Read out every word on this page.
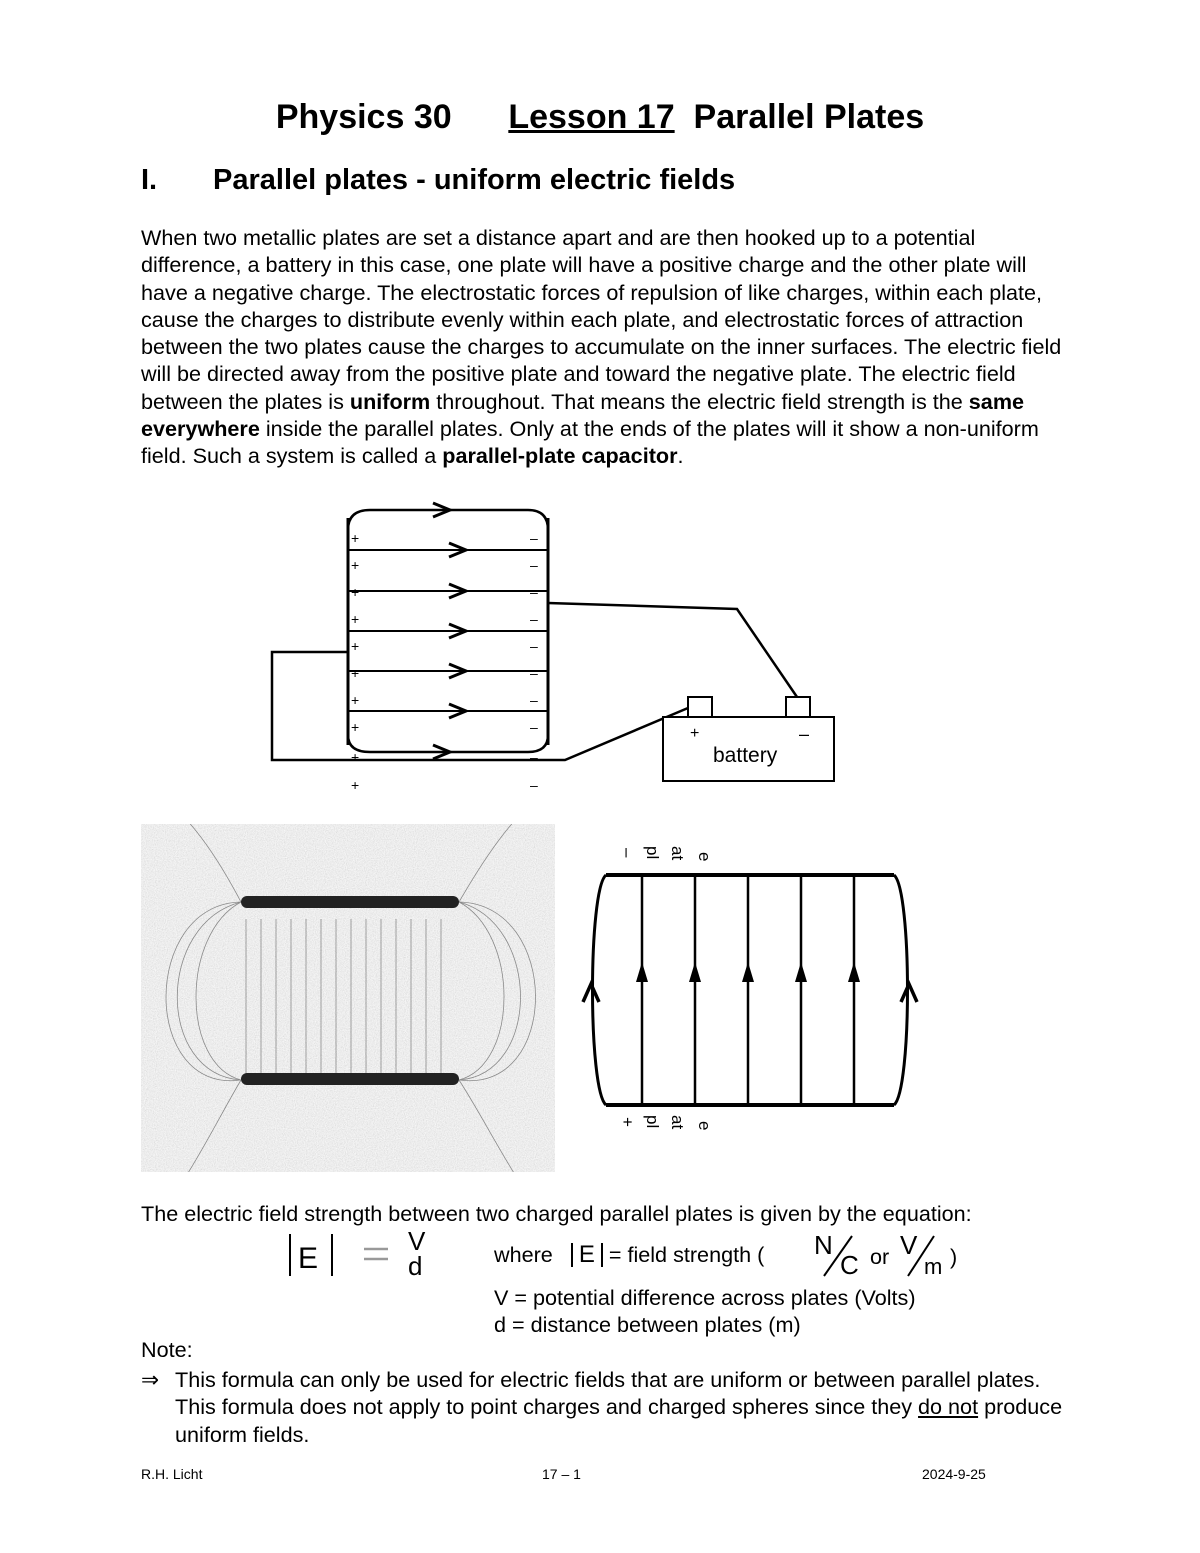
Physics 30 Lesson 17 Parallel Plates
I. Parallel plates - uniform electric fields
When two metallic plates are set a distance apart and are then hooked up to a potential difference, a battery in this case, one plate will have a positive charge and the other plate will have a negative charge. The electrostatic forces of repulsion of like charges, within each plate, cause the charges to distribute evenly within each plate, and electrostatic forces of attraction between the two plates cause the charges to accumulate on the inner surfaces. The electric field will be directed away from the positive plate and toward the negative plate. The electric field between the plates is uniform throughout. That means the electric field strength is the same everywhere inside the parallel plates. Only at the ends of the plates will it show a non-uniform field. Such a system is called a parallel-plate capacitor.
+
+
+
+
+
+
+
+
+
+
–
–
–
–
–
–
–
–
–
–
+	–
battery
– pl at e
+ pl at e
The electric field strength between two charged parallel plates is given by the equation:
E
V
d	where E = field strength ( N
C or V
m )
V = potential difference across plates (Volts)
d = distance between plates (m)
Note:
⇒ This formula can only be used for electric fields that are uniform or between parallel plates. This formula does not apply to point charges and charged spheres since they do not produce uniform fields.
R.H. Licht	17 – 1	2024-9-25
